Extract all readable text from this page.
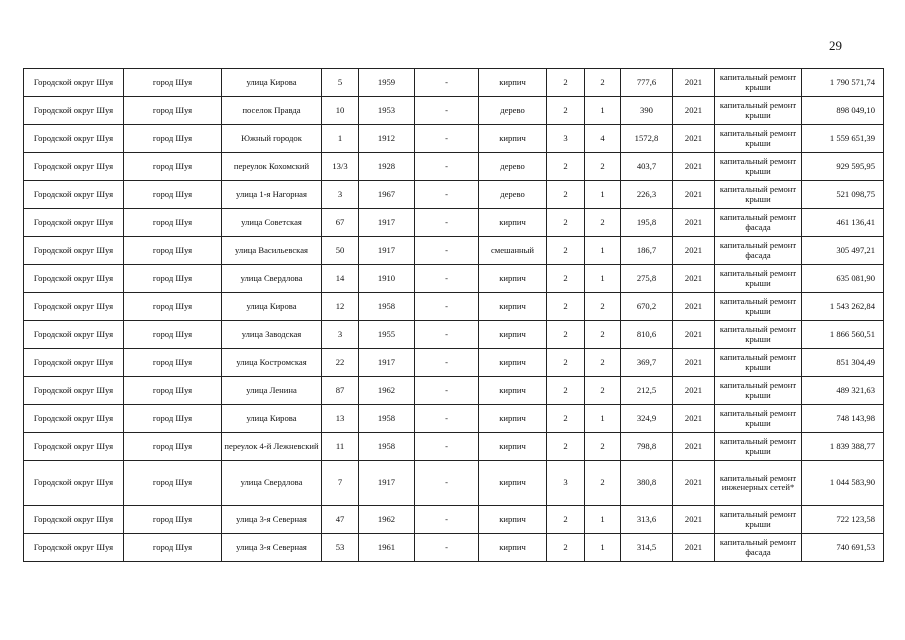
29
Городской округ Шуя	город Шуя	улица Кирова	5	1959	-	кирпич	2	2	777,6	2021	капитальный ремонт крыши	1 790 571,74
Городской округ Шуя	город Шуя	поселок Правда	10	1953	-	дерево	2	1	390	2021	капитальный ремонт крыши	898 049,10
Городской округ Шуя	город Шуя	Южный городок	1	1912	-	кирпич	3	4	1572,8	2021	капитальный ремонт крыши	1 559 651,39
Городской округ Шуя	город Шуя	переулок Кохомский	13/3	1928	-	дерево	2	2	403,7	2021	капитальный ремонт крыши	929 595,95
Городской округ Шуя	город Шуя	улица 1-я Нагорная	3	1967	-	дерево	2	1	226,3	2021	капитальный ремонт крыши	521 098,75
Городской округ Шуя	город Шуя	улица Советская	67	1917	-	кирпич	2	2	195,8	2021	капитальный ремонт фасада	461 136,41
Городской округ Шуя	город Шуя	улица Васильевская	50	1917	-	смешанный	2	1	186,7	2021	капитальный ремонт фасада	305 497,21
Городской округ Шуя	город Шуя	улица Свердлова	14	1910	-	кирпич	2	1	275,8	2021	капитальный ремонт крыши	635 081,90
Городской округ Шуя	город Шуя	улица Кирова	12	1958	-	кирпич	2	2	670,2	2021	капитальный ремонт крыши	1 543 262,84
Городской округ Шуя	город Шуя	улица Заводская	3	1955	-	кирпич	2	2	810,6	2021	капитальный ремонт крыши	1 866 560,51
Городской округ Шуя	город Шуя	улица Костромская	22	1917	-	кирпич	2	2	369,7	2021	капитальный ремонт крыши	851 304,49
Городской округ Шуя	город Шуя	улица Ленина	87	1962	-	кирпич	2	2	212,5	2021	капитальный ремонт крыши	489 321,63
Городской округ Шуя	город Шуя	улица Кирова	13	1958	-	кирпич	2	1	324,9	2021	капитальный ремонт крыши	748 143,98
Городской округ Шуя	город Шуя	переулок 4-й Лежневский	11	1958	-	кирпич	2	2	798,8	2021	капитальный ремонт крыши	1 839 388,77
Городской округ Шуя	город Шуя	улица Свердлова	7	1917	-	кирпич	3	2	380,8	2021	капитальный ремонт инженерных сетей*	1 044 583,90
Городской округ Шуя	город Шуя	улица 3-я Северная	47	1962	-	кирпич	2	1	313,6	2021	капитальный ремонт крыши	722 123,58
Городской округ Шуя	город Шуя	улица 3-я Северная	53	1961	-	кирпич	2	1	314,5	2021	капитальный ремонт фасада	740 691,53
